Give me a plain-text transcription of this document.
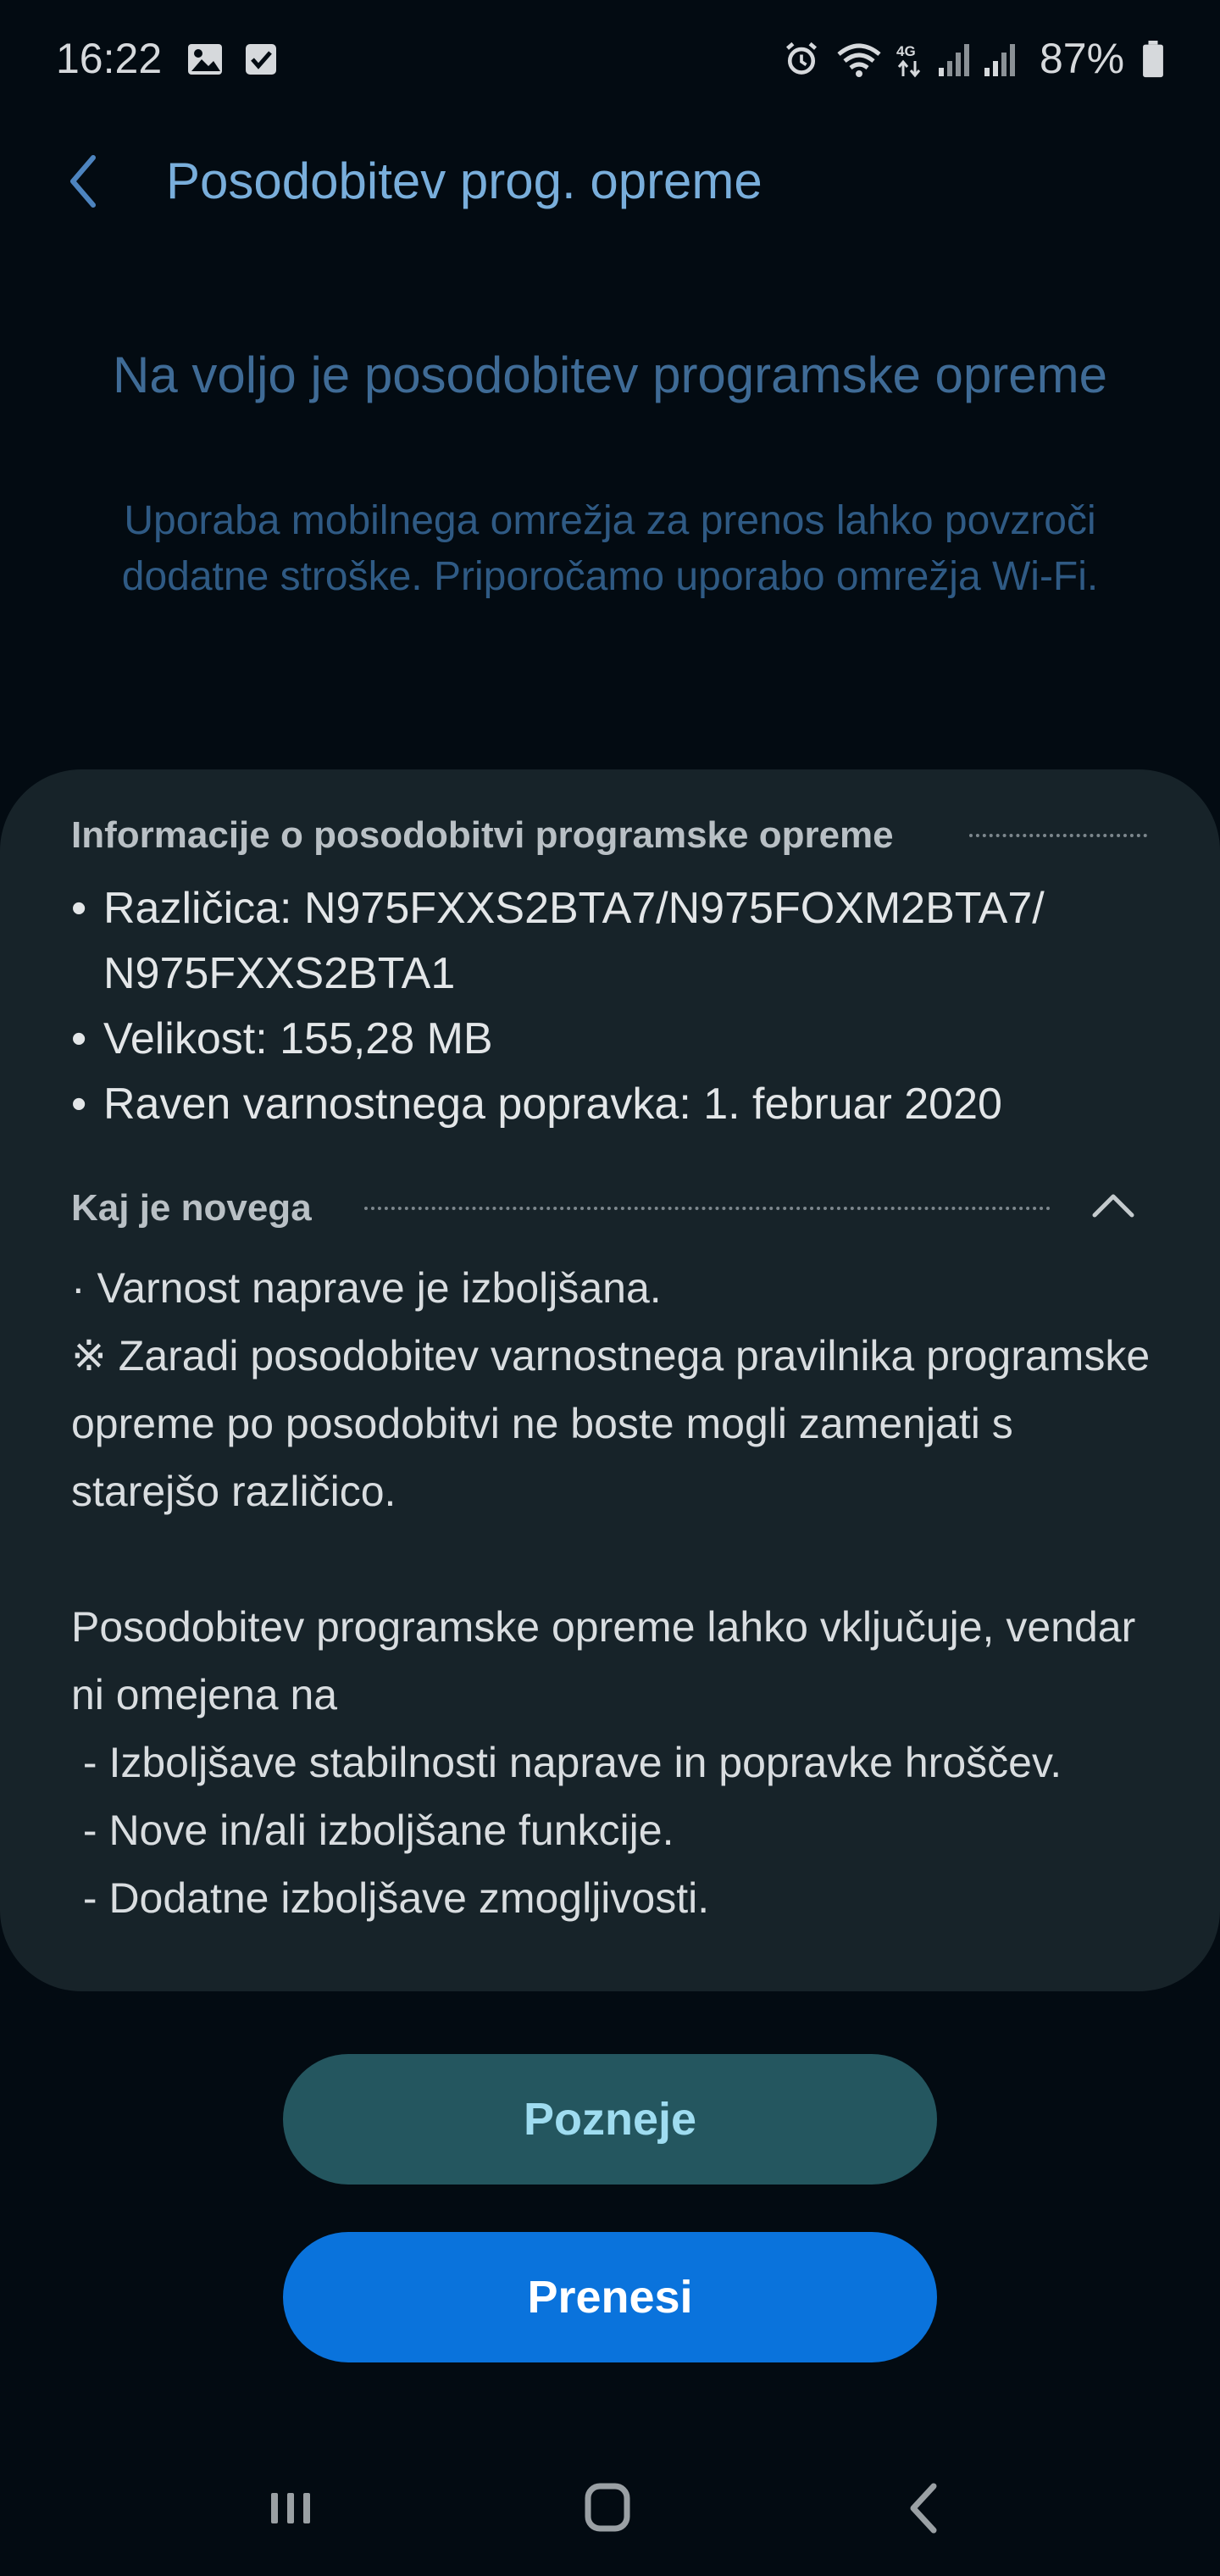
16:22	4G	87%
Posodobitev prog. opreme
Na voljo je posodobitev programske opreme
Uporaba mobilnega omrežja za prenos lahko povzroči dodatne stroške. Priporočamo uporabo omrežja Wi-Fi.
Informacije o posodobitvi programske opreme
• Različica: N975FXXS2BTA7/N975FOXM2BTA7/ N975FXXS2BTA1
• Velikost: 155,28 MB
• Raven varnostnega popravka: 1. februar 2020
Kaj je novega
· Varnost naprave je izboljšana.
※ Zaradi posodobitev varnostnega pravilnika programske opreme po posodobitvi ne boste mogli zamenjati s starejšo različico.

Posodobitev programske opreme lahko vključuje, vendar ni omejena na
- Izboljšave stabilnosti naprave in popravke hroščev.
- Nove in/ali izboljšane funkcije.
- Dodatne izboljšave zmogljivosti.
Pozneje
Prenesi
